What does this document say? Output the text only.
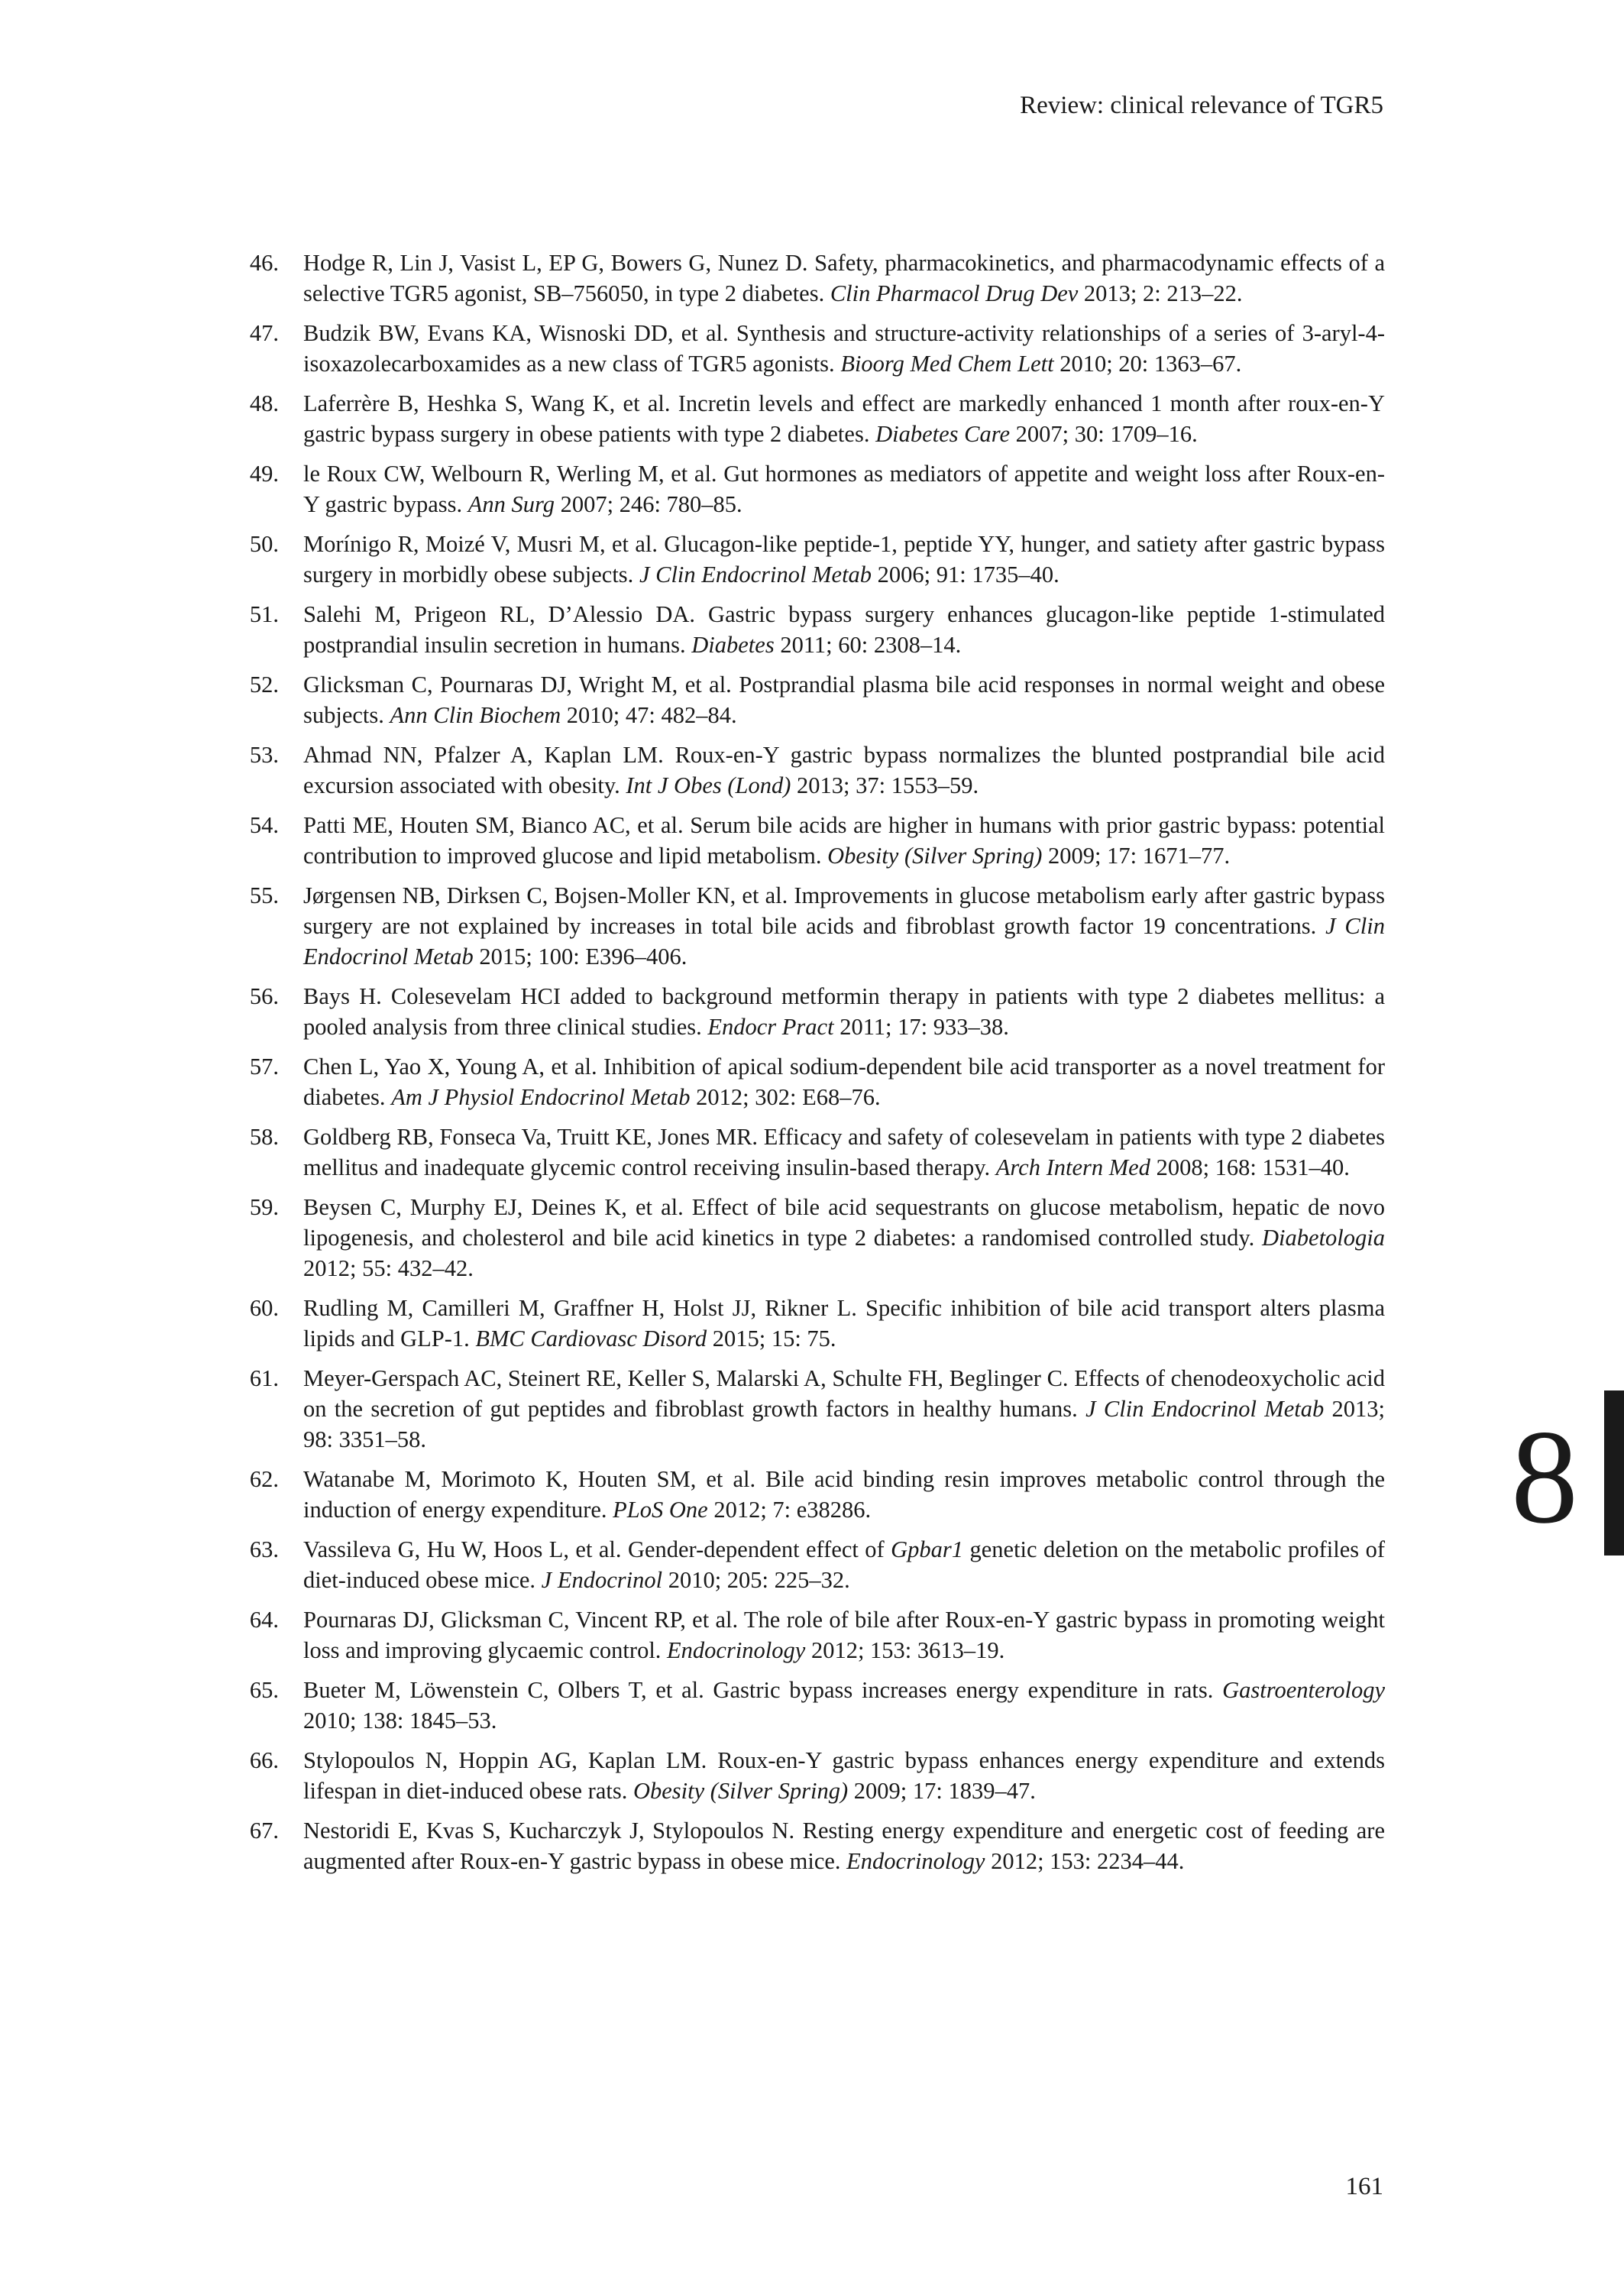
Review: clinical relevance of TGR5
46. Hodge R, Lin J, Vasist L, EP G, Bowers G, Nunez D. Safety, pharmacokinetics, and pharmacodynamic effects of a selective TGR5 agonist, SB–756050, in type 2 diabetes. Clin Pharmacol Drug Dev 2013; 2: 213–22.
47. Budzik BW, Evans KA, Wisnoski DD, et al. Synthesis and structure-activity relationships of a series of 3-aryl-4-isoxazolecarboxamides as a new class of TGR5 agonists. Bioorg Med Chem Lett 2010; 20: 1363–67.
48. Laferrère B, Heshka S, Wang K, et al. Incretin levels and effect are markedly enhanced 1 month after roux-en-Y gastric bypass surgery in obese patients with type 2 diabetes. Diabetes Care 2007; 30: 1709–16.
49. le Roux CW, Welbourn R, Werling M, et al. Gut hormones as mediators of appetite and weight loss after Roux-en-Y gastric bypass. Ann Surg 2007; 246: 780–85.
50. Morínigo R, Moizé V, Musri M, et al. Glucagon-like peptide-1, peptide YY, hunger, and satiety after gastric bypass surgery in morbidly obese subjects. J Clin Endocrinol Metab 2006; 91: 1735–40.
51. Salehi M, Prigeon RL, D’Alessio DA. Gastric bypass surgery enhances glucagon-like peptide 1-stimulated postprandial insulin secretion in humans. Diabetes 2011; 60: 2308–14.
52. Glicksman C, Pournaras DJ, Wright M, et al. Postprandial plasma bile acid responses in normal weight and obese subjects. Ann Clin Biochem 2010; 47: 482–84.
53. Ahmad NN, Pfalzer A, Kaplan LM. Roux-en-Y gastric bypass normalizes the blunted postprandial bile acid excursion associated with obesity. Int J Obes (Lond) 2013; 37: 1553–59.
54. Patti ME, Houten SM, Bianco AC, et al. Serum bile acids are higher in humans with prior gastric bypass: potential contribution to improved glucose and lipid metabolism. Obesity (Silver Spring) 2009; 17: 1671–77.
55. Jørgensen NB, Dirksen C, Bojsen-Moller KN, et al. Improvements in glucose metabolism early after gastric bypass surgery are not explained by increases in total bile acids and fibroblast growth factor 19 concentrations. J Clin Endocrinol Metab 2015; 100: E396–406.
56. Bays H. Colesevelam HCI added to background metformin therapy in patients with type 2 diabetes mellitus: a pooled analysis from three clinical studies. Endocr Pract 2011; 17: 933–38.
57. Chen L, Yao X, Young A, et al. Inhibition of apical sodium-dependent bile acid transporter as a novel treatment for diabetes. Am J Physiol Endocrinol Metab 2012; 302: E68–76.
58. Goldberg RB, Fonseca Va, Truitt KE, Jones MR. Efficacy and safety of colesevelam in patients with type 2 diabetes mellitus and inadequate glycemic control receiving insulin-based therapy. Arch Intern Med 2008; 168: 1531–40.
59. Beysen C, Murphy EJ, Deines K, et al. Effect of bile acid sequestrants on glucose metabolism, hepatic de novo lipogenesis, and cholesterol and bile acid kinetics in type 2 diabetes: a randomised controlled study. Diabetologia 2012; 55: 432–42.
60. Rudling M, Camilleri M, Graffner H, Holst JJ, Rikner L. Specific inhibition of bile acid transport alters plasma lipids and GLP-1. BMC Cardiovasc Disord 2015; 15: 75.
61. Meyer-Gerspach AC, Steinert RE, Keller S, Malarski A, Schulte FH, Beglinger C. Effects of chenodeoxycholic acid on the secretion of gut peptides and fibroblast growth factors in healthy humans. J Clin Endocrinol Metab 2013; 98: 3351–58.
62. Watanabe M, Morimoto K, Houten SM, et al. Bile acid binding resin improves metabolic control through the induction of energy expenditure. PLoS One 2012; 7: e38286.
63. Vassileva G, Hu W, Hoos L, et al. Gender-dependent effect of Gpbar1 genetic deletion on the metabolic profiles of diet-induced obese mice. J Endocrinol 2010; 205: 225–32.
64. Pournaras DJ, Glicksman C, Vincent RP, et al. The role of bile after Roux-en-Y gastric bypass in promoting weight loss and improving glycaemic control. Endocrinology 2012; 153: 3613–19.
65. Bueter M, Löwenstein C, Olbers T, et al. Gastric bypass increases energy expenditure in rats. Gastroenterology 2010; 138: 1845–53.
66. Stylopoulos N, Hoppin AG, Kaplan LM. Roux-en-Y gastric bypass enhances energy expenditure and extends lifespan in diet-induced obese rats. Obesity (Silver Spring) 2009; 17: 1839–47.
67. Nestoridi E, Kvas S, Kucharczyk J, Stylopoulos N. Resting energy expenditure and energetic cost of feeding are augmented after Roux-en-Y gastric bypass in obese mice. Endocrinology 2012; 153: 2234–44.
8
161
